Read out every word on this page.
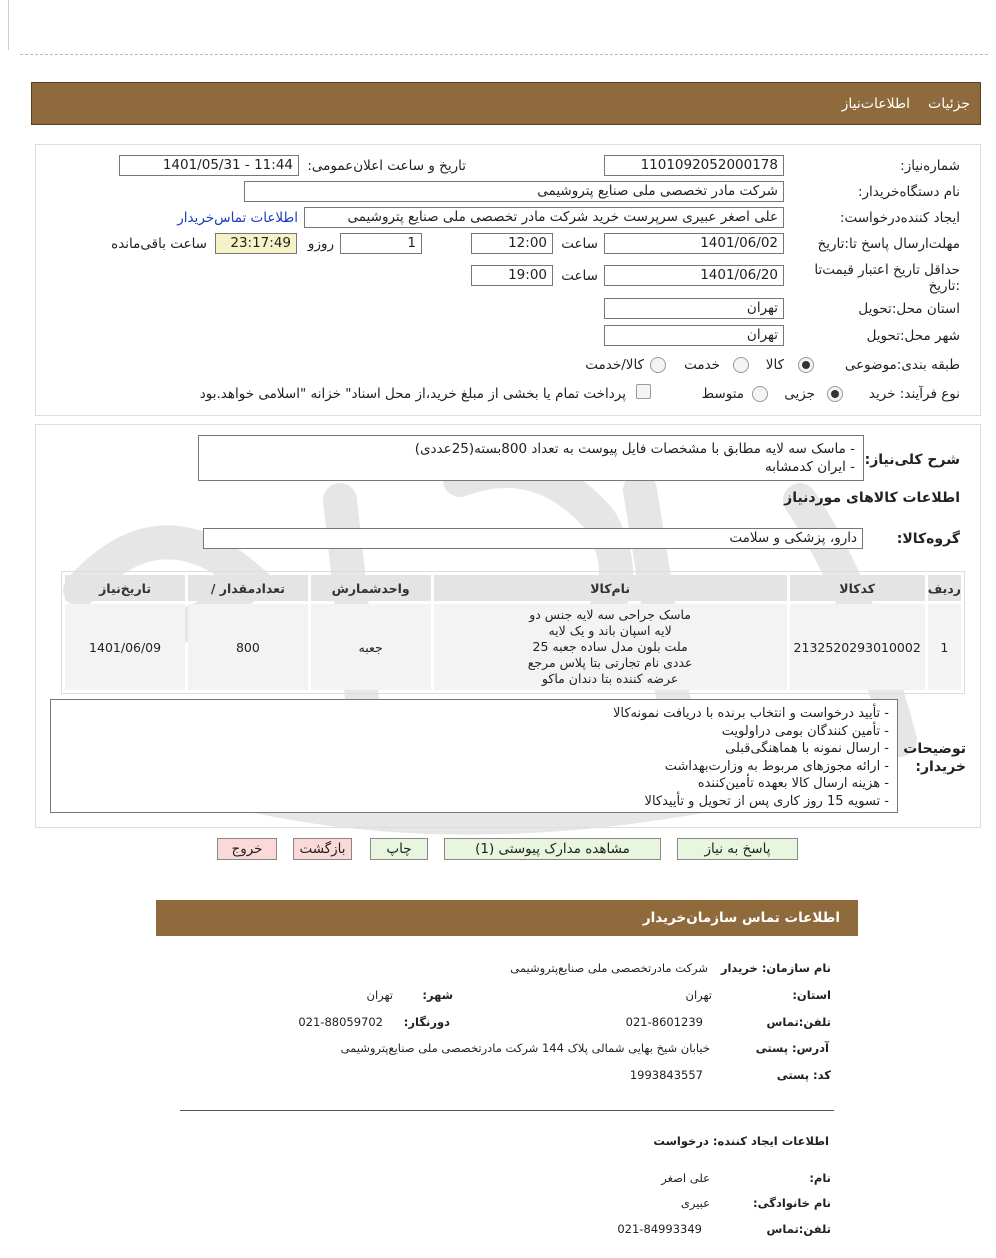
جزئیات
اطلاعات‌نیاز
شماره‌نیاز:
1101092052000178
تاریخ و ساعت اعلان‌عمومی:
1401/05/31 - 11:44
نام دستگاه‌خریدار:
شرکت مادر تخصصی ملی صنایع پتروشیمی
ایجاد کننده‌درخواست:
علی اصغر عبیری سرپرست خرید شرکت مادر تخصصی ملی صنایع پتروشیمی
اطلاعات تماس‌خریدار
مهلت‌ارسال پاسخ تا‌:تاریخ
1401/06/02
ساعت
12:00
1
روز‌و
23:17:49
ساعت باقی‌مانده
حداقل تاریخ اعتبار قیمت‌تا :تاریخ
1401/06/20
ساعت
19:00
استان محل‌:تحویل
تهران
شهر محل‌:تحویل
تهران
طبقه بندی‌:موضوعی
کالا
خدمت
کالا‌/خدمت
نوع فرآیند‌: خرید
جزیی
متوسط
پرداخت تمام یا بخشی از مبلغ خرید،از محل اسناد" خزانه "اسلامی خواهد.بود
شرح کلی‌نیاز:
- ماسک سه لایه مطابق با مشخصات فایل پیوست به تعداد 800بسته(25عددی)
- ایران کدمشابه
اطلاعات کالاهای موردنیاز
گروه‌کالا:
دارو، پزشکی و سلامت
ردیف	کدکالا	نام‌کالا	واحدشمارش	تعدادمقدار /	تاریخ‌نیاز
1	2132520293010002	ماسک جراحی سه لایه جنس دو
لایه اسپان باند و یک لایه
ملت بلون مدل ساده جعبه 25
عددی نام تجارتی بتا پلاس مرجع
عرضه کننده بتا دندان ماکو	جعبه	800	1401/06/09
توضیحات خریدار:
- تأیید درخواست و انتخاب برنده با دریافت نمونه‌کالا
- تأمین کنندگان بومی دراولویت
- ارسال نمونه با هماهنگی‌قبلی
- ارائه مجوزهای مربوط به وزارت‌بهداشت
- هزینه ارسال کالا بعهده تأمین‌کننده
- تسویه 15 روز کاری پس از تحویل و تأییدکالا
پاسخ به نیاز
مشاهده مدارک پیوستی (1)
چاپ
بازگشت
خروج
اطلاعات تماس سازمان‌خریدار
نام سازمان‌: خریدار
شرکت مادرتخصصی ملی صنایع‌پتروشیمی
استان:
تهران
شهر:
تهران
تلفن‌:تماس
021-8601239
دورنگار:
021-88059702
آدرس‌: پستی
خیابان شیخ بهایی شمالی پلاک 144 شرکت مادرتخصصی ملی صنایع‌پتروشیمی
کد‌: پستی
1993843557
اطلاعات ایجاد کننده‌: درخواست
نام:
علی اصغر
نام خانوادگی:
عبیری
تلفن‌:تماس
021-84993349
